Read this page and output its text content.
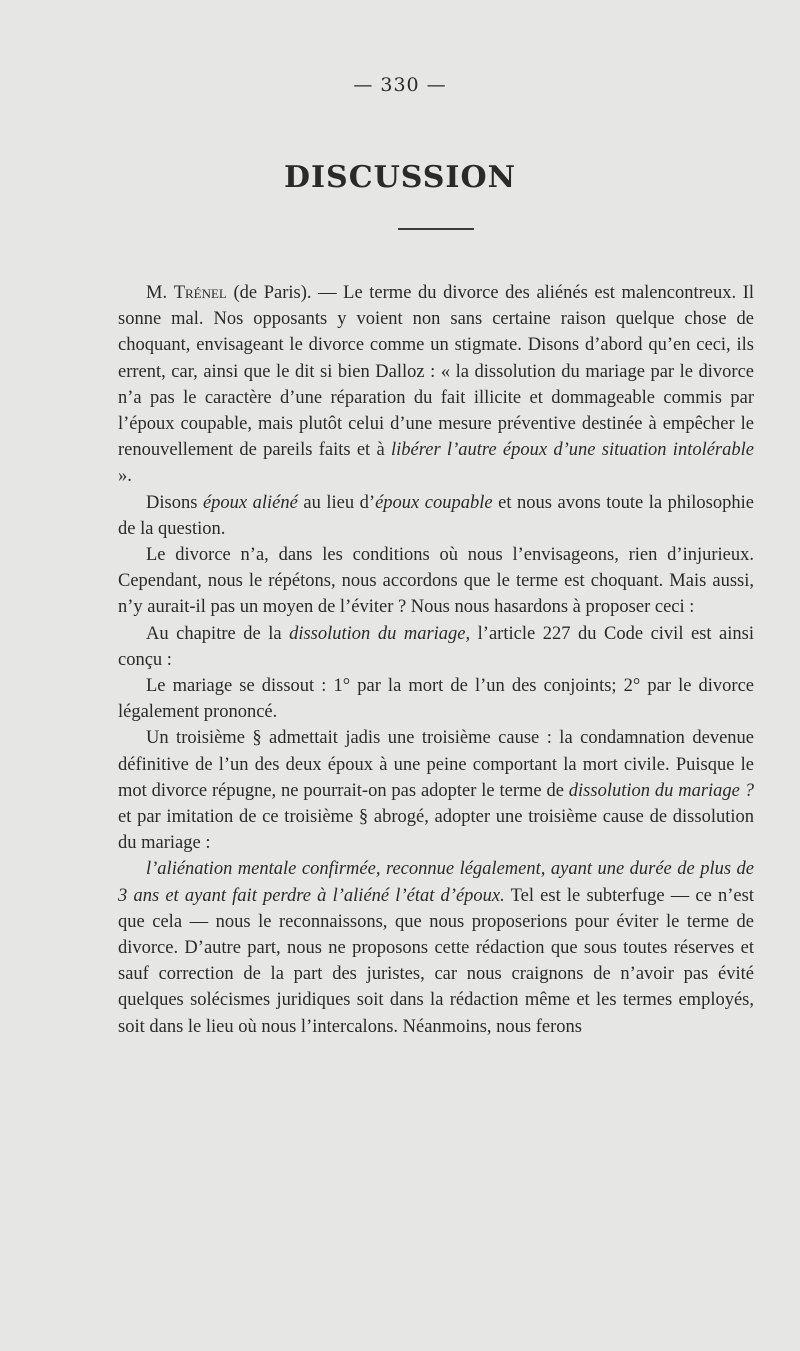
— 330 —
DISCUSSION

M. Trénel (de Paris). — Le terme du divorce des aliénés est malencontreux. Il sonne mal. Nos opposants y voient non sans certaine raison quelque chose de choquant, envisageant le divorce comme un stigmate. Disons d’abord qu’en ceci, ils errent, car, ainsi que le dit si bien Dalloz : « la dissolution du mariage par le divorce n’a pas le caractère d’une réparation du fait illicite et dommageable commis par l’époux coupable, mais plutôt celui d’une mesure préventive destinée à empêcher le renouvellement de pareils faits et à libérer l’autre époux d’une situation intolérable ».

Disons époux aliéné au lieu d’époux coupable et nous avons toute la philosophie de la question.

Le divorce n’a, dans les conditions où nous l’envisageons, rien d’injurieux. Cependant, nous le répétons, nous accordons que le terme est choquant. Mais aussi, n’y aurait-il pas un moyen de l’éviter ? Nous nous hasardons à proposer ceci :

Au chapitre de la dissolution du mariage, l’article 227 du Code civil est ainsi conçu :

Le mariage se dissout : 1° par la mort de l’un des conjoints; 2° par le divorce légalement prononcé.

Un troisième § admettait jadis une troisième cause : la condamnation devenue définitive de l’un des deux époux à une peine comportant la mort civile. Puisque le mot divorce répugne, ne pourrait-on pas adopter le terme de dissolution du mariage ? et par imitation de ce troisième § abrogé, adopter une troisième cause de dissolution du mariage :

l’aliénation mentale confirmée, reconnue légalement, ayant une durée de plus de 3 ans et ayant fait perdre à l’aliéné l’état d’époux. Tel est le subterfuge — ce n’est que cela — nous le reconnaissons, que nous proposerions pour éviter le terme de divorce. D’autre part, nous ne proposons cette rédaction que sous toutes réserves et sauf correction de la part des juristes, car nous craignons de n’avoir pas évité quelques solécismes juridiques soit dans la rédaction même et les termes employés, soit dans le lieu où nous l’intercalons. Néanmoins, nous ferons
